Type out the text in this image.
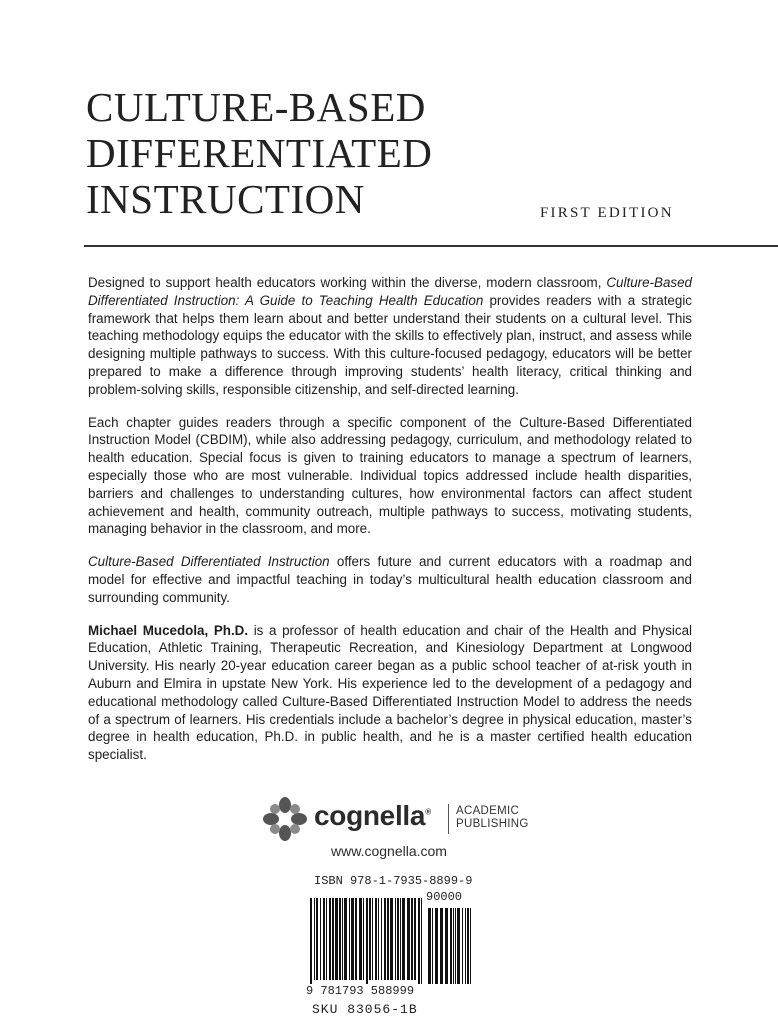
CULTURE-BASED
DIFFERENTIATED
INSTRUCTION	FIRST EDITION

Designed to support health educators working within the diverse, modern classroom, Culture-Based Differentiated Instruction: A Guide to Teaching Health Education provides readers with a strategic framework that helps them learn about and better understand their students on a cultural level. This teaching methodology equips the educator with the skills to effectively plan, instruct, and assess while designing multiple pathways to success. With this culture-focused pedagogy, educators will be better prepared to make a difference through improving students’ health literacy, critical thinking and problem-solving skills, responsible citizenship, and self-directed learning.

Each chapter guides readers through a specific component of the Culture-Based Differentiated Instruction Model (CBDIM), while also addressing pedagogy, curriculum, and methodology related to health education. Special focus is given to training educators to manage a spectrum of learners, especially those who are most vulnerable. Individual topics addressed include health disparities, barriers and challenges to understanding cultures, how environmental factors can affect student achievement and health, community outreach, multiple pathways to success, motivating students, managing behavior in the classroom, and more.

Culture-Based Differentiated Instruction offers future and current educators with a roadmap and model for effective and impactful teaching in today’s multicultural health education classroom and surrounding community.

Michael Mucedola, Ph.D. is a professor of health education and chair of the Health and Physical Education, Athletic Training, Therapeutic Recreation, and Kinesiology Department at Longwood University. His nearly 20-year education career began as a public school teacher of at-risk youth in Auburn and Elmira in upstate New York. His experience led to the development of a pedagogy and educational methodology called Culture-Based Differentiated Instruction Model to address the needs of a spectrum of learners. His credentials include a bachelor’s degree in physical education, master’s degree in health education, Ph.D. in public health, and he is a master certified health education specialist.

cognella® ACADEMIC
PUBLISHING
www.cognella.com
ISBN 978-1-7935-8899-9
90000
9 781793 588999
SKU 83056-1B
